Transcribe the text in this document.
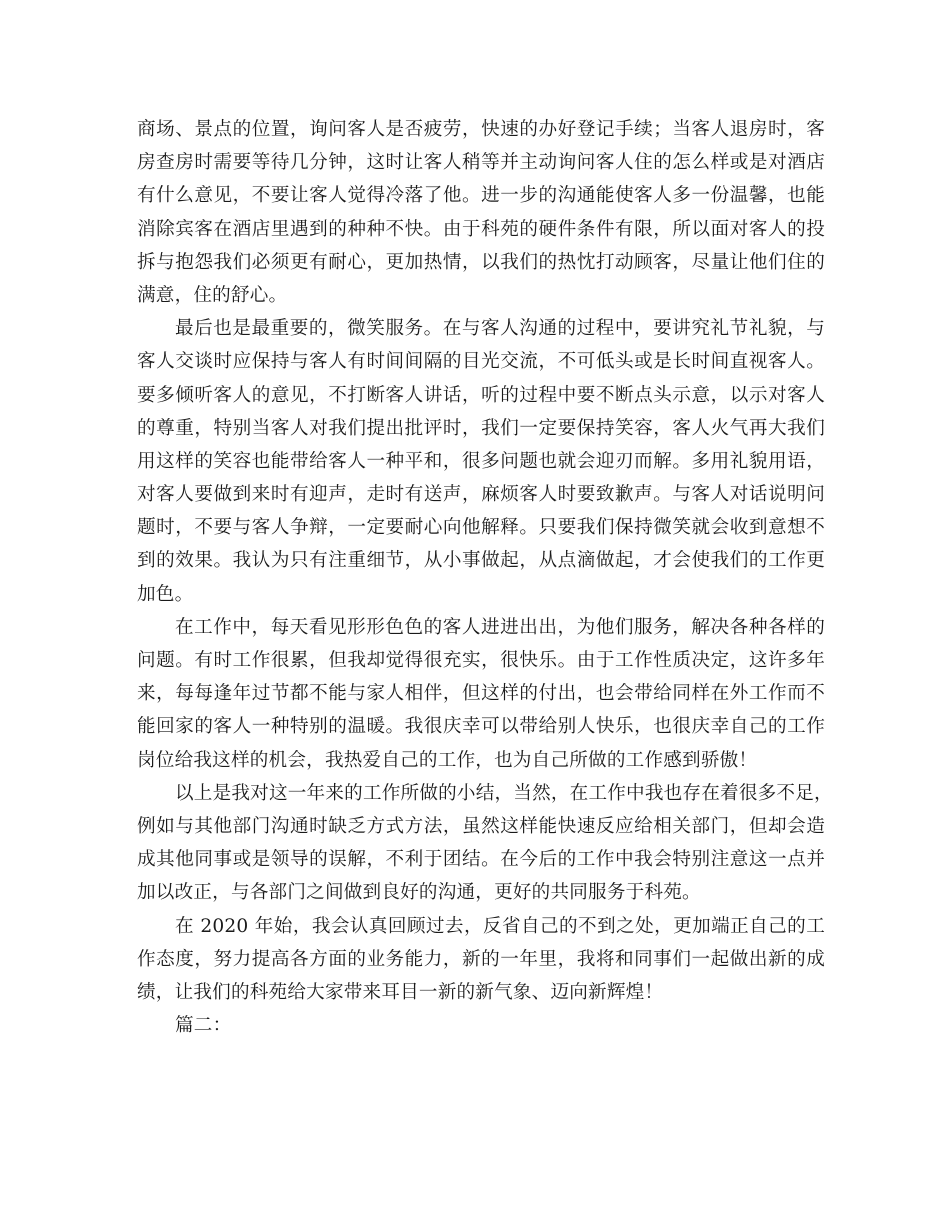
商场、景点的位置，询问客人是否疲劳，快速的办好登记手续；当客人退房时，客
房查房时需要等待几分钟，这时让客人稍等并主动询问客人住的怎么样或是对酒店
有什么意见，不要让客人觉得冷落了他。进一步的沟通能使客人多一份温馨，也能
消除宾客在酒店里遇到的种种不快。由于科苑的硬件条件有限，所以面对客人的投
拆与抱怨我们必须更有耐心，更加热情，以我们的热忱打动顾客，尽量让他们住的
满意，住的舒心。

最后也是最重要的，微笑服务。在与客人沟通的过程中，要讲究礼节礼貌，与
客人交谈时应保持与客人有时间间隔的目光交流，不可低头或是长时间直视客人。
要多倾听客人的意见，不打断客人讲话，听的过程中要不断点头示意，以示对客人
的尊重，特别当客人对我们提出批评时，我们一定要保持笑容，客人火气再大我们
用这样的笑容也能带给客人一种平和，很多问题也就会迎刃而解。多用礼貌用语，
对客人要做到来时有迎声，走时有送声，麻烦客人时要致歉声。与客人对话说明问
题时，不要与客人争辩，一定要耐心向他解释。只要我们保持微笑就会收到意想不
到的效果。我认为只有注重细节，从小事做起，从点滴做起，才会使我们的工作更
加色。

在工作中，每天看见形形色色的客人进进出出，为他们服务，解决各种各样的
问题。有时工作很累，但我却觉得很充实，很快乐。由于工作性质决定，这许多年
来，每每逢年过节都不能与家人相伴，但这样的付出，也会带给同样在外工作而不
能回家的客人一种特别的温暖。我很庆幸可以带给别人快乐，也很庆幸自己的工作
岗位给我这样的机会，我热爱自己的工作，也为自己所做的工作感到骄傲！

以上是我对这一年来的工作所做的小结，当然，在工作中我也存在着很多不足，
例如与其他部门沟通时缺乏方式方法，虽然这样能快速反应给相关部门，但却会造
成其他同事或是领导的误解，不利于团结。在今后的工作中我会特别注意这一点并
加以改正，与各部门之间做到良好的沟通，更好的共同服务于科苑。

在 2020 年始，我会认真回顾过去，反省自己的不到之处，更加端正自己的工
作态度，努力提高各方面的业务能力，新的一年里，我将和同事们一起做出新的成
绩，让我们的科苑给大家带来耳目一新的新气象、迈向新辉煌！

篇二：
